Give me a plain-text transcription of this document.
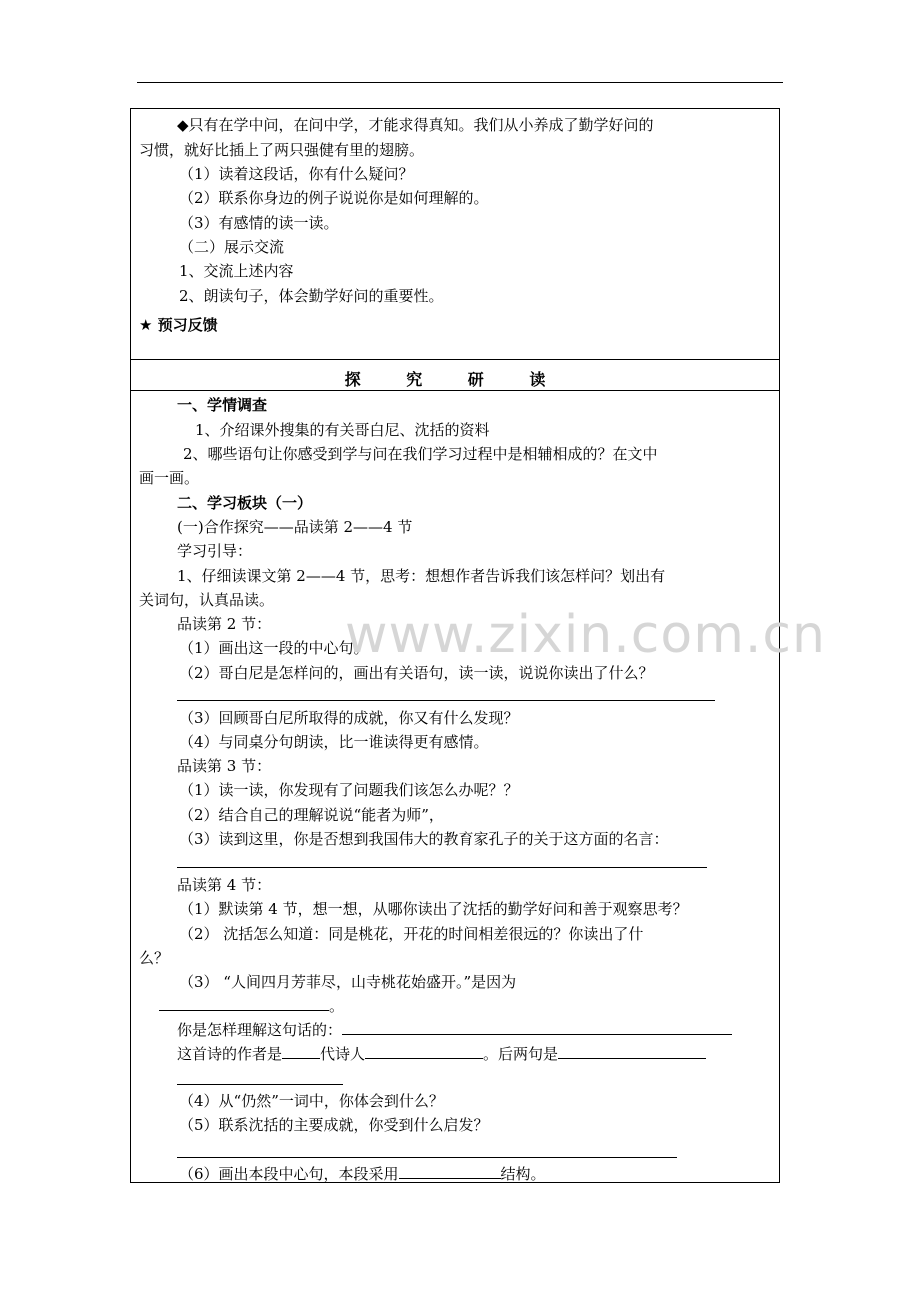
◆只有在学中问，在问中学，才能求得真知。我们从小养成了勤学好问的
习惯，就好比插上了两只强健有里的翅膀。
（1）读着这段话，你有什么疑问？
（2）联系你身边的例子说说你是如何理解的。
（3）有感情的读一读。
（二）展示交流
1、交流上述内容
2、朗读句子，体会勤学好问的重要性。
★ 预习反馈
探 究 研 读
一、学情调查
1、介绍课外搜集的有关哥白尼、沈括的资料
2、哪些语句让你感受到学与问在我们学习过程中是相辅相成的？在文中
画一画。
二、学习板块（一）
(一)合作探究——品读第 2——4 节
学习引导：
1、仔细读课文第 2——4 节，思考：想想作者告诉我们该怎样问？划出有
关词句，认真品读。
品读第 2 节：
（1）画出这一段的中心句。
（2）哥白尼是怎样问的，画出有关语句，读一读，说说你读出了什么？
（3）回顾哥白尼所取得的成就，你又有什么发现？
（4）与同桌分句朗读，比一谁读得更有感情。
品读第 3 节：
（1）读一读，你发现有了问题我们该怎么办呢？？
（2）结合自己的理解说说“能者为师”，
（3）读到这里，你是否想到我国伟大的教育家孔子的关于这方面的名言：
品读第 4 节：
（1）默读第 4 节，想一想，从哪你读出了沈括的勤学好问和善于观察思考？
（2） 沈括怎么知道：同是桃花，开花的时间相差很远的？你读出了什
么？
（3） “人间四月芳菲尽，山寺桃花始盛开。”是因为
。
你是怎样理解这句话的：
这首诗的作者是	代诗人	。后两句是
（4）从“仍然”一词中，你体会到什么？
（5）联系沈括的主要成就，你受到什么启发？
（6）画出本段中心句，本段采用	结构。
www.zixin.com.cn
